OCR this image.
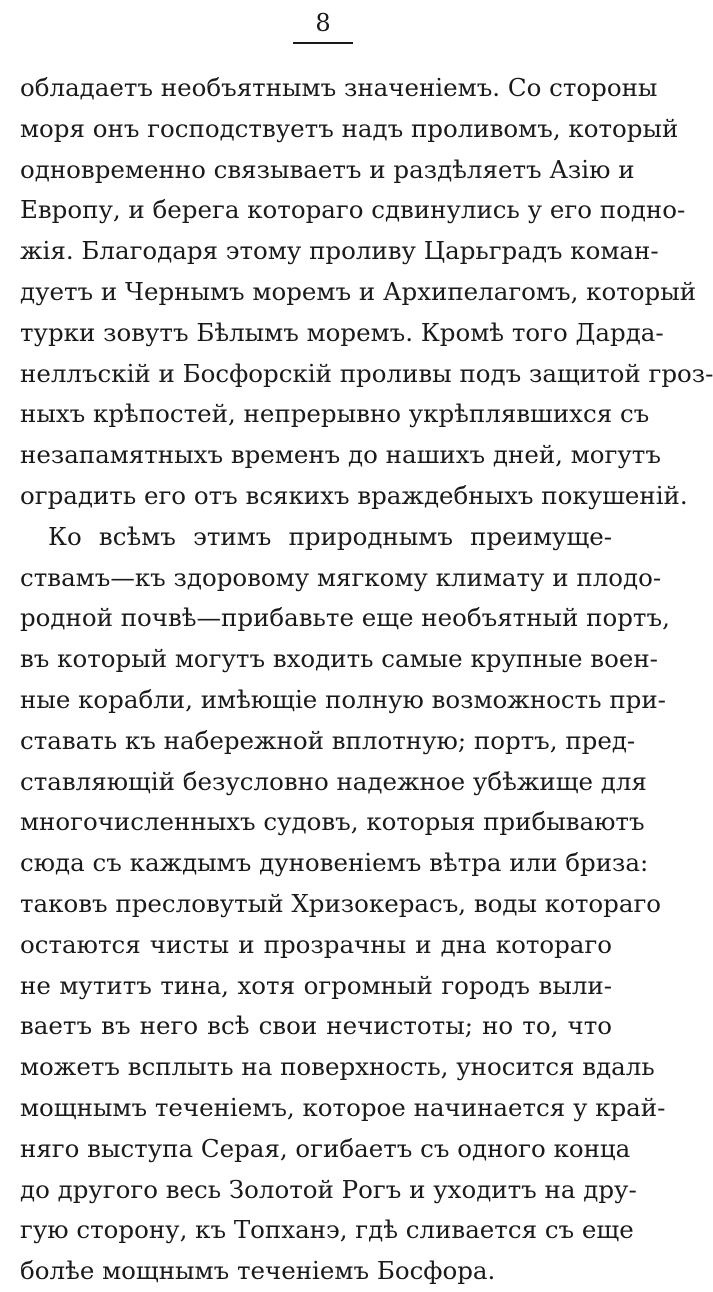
8
обладаетъ необъятнымъ значеніемъ. Со стороны
моря онъ господствуетъ надъ проливомъ, который
одновременно связываетъ и раздѣляетъ Азію и
Европу, и берега котораго сдвинулись у его подно-
жія. Благодаря этому проливу Царьградъ коман-
дуетъ и Чернымъ моремъ и Архипелагомъ, который
турки зовутъ Бѣлымъ моремъ. Кромѣ того Дарда-
неллъскій и Босфорскій проливы подъ защитой гроз-
ныхъ крѣпостей, непрерывно укрѣплявшихся съ
незапамятныхъ временъ до нашихъ дней, могутъ
оградить его отъ всякихъ враждебныхъ покушеній.
Ко всѣмъ этимъ природнымъ преимуще-
ствамъ—къ здоровому мягкому климату и плодо-
родной почвѣ—прибавьте еще необъятный портъ,
въ который могутъ входить самые крупные воен-
ные корабли, имѣющіе полную возможность при-
ставать къ набережной вплотную; портъ, пред-
ставляющій безусловно надежное убѣжище для
многочисленныхъ судовъ, которыя прибываютъ
сюда съ каждымъ дуновеніемъ вѣтра или бриза:
таковъ пресловутый Хризокерасъ, воды котораго
остаются чисты и прозрачны и дна котораго
не мутитъ тина, хотя огромный городъ выли-
ваетъ въ него всѣ свои нечистоты; но то, что
можетъ всплыть на поверхность, уносится вдаль
мощнымъ теченіемъ, которое начинается у край-
няго выступа Серая, огибаетъ съ одного конца
до другого весь Золотой Рогъ и уходитъ на дру-
гую сторону, къ Топханэ, гдѣ сливается съ еще
болѣе мощнымъ теченіемъ Босфора.
